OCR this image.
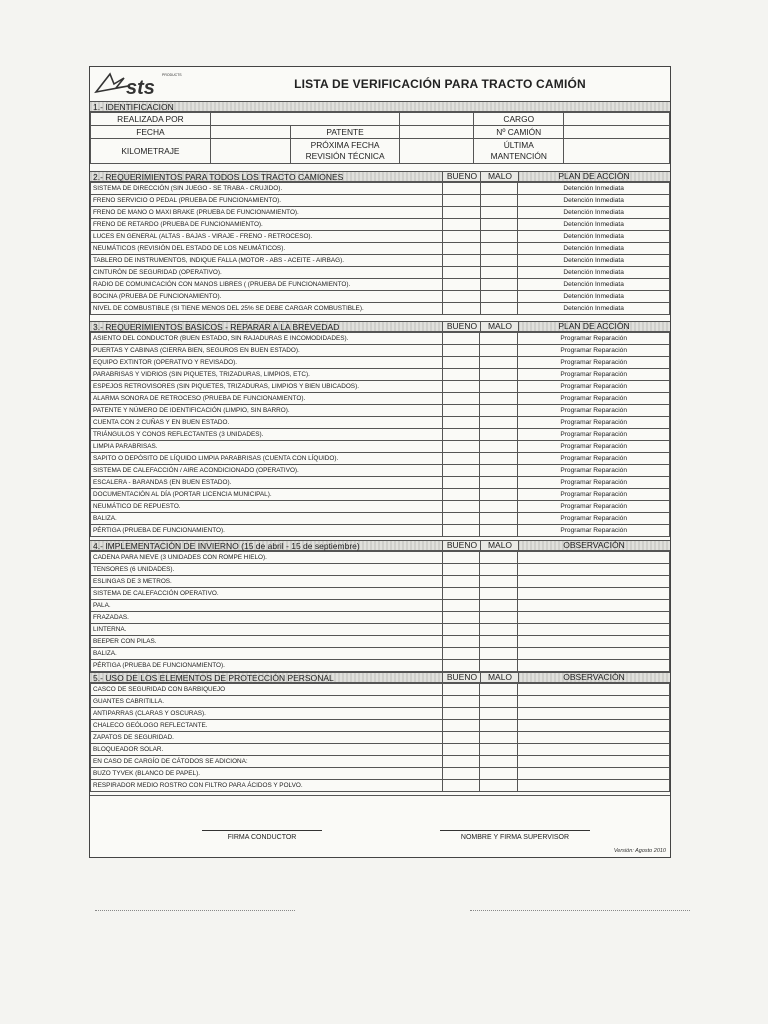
sts
PRODUCTS
LISTA DE VERIFICACIÓN PARA TRACTO CAMIÓN
1.- IDENTIFICACION
REALIZADA POR				CARGO	
FECHA		PATENTE		Nº CAMIÓN	
KILOMETRAJE		PRÓXIMA FECHA REVISIÓN TÉCNICA		ÚLTIMA MANTENCIÓN	
2.- REQUERIMIENTOS PARA TODOS LOS TRACTO CAMIONES	BUENO	MALO	PLAN DE ACCIÓN
SISTEMA DE DIRECCIÓN (SIN JUEGO - SE TRABA - CRUJIDO).			Detención Inmediata
FRENO SERVICIO O PEDAL (PRUEBA DE FUNCIONAMIENTO).			Detención Inmediata
FRENO DE MANO O MAXI BRAKE (PRUEBA DE FUNCIONAMIENTO).			Detención Inmediata
FRENO DE RETARDO (PRUEBA DE FUNCIONAMIENTO).			Detención Inmediata
LUCES EN GENERAL (ALTAS - BAJAS - VIRAJE - FRENO - RETROCESO).			Detención Inmediata
NEUMÁTICOS (REVISIÓN DEL ESTADO DE LOS NEUMÁTICOS).			Detención Inmediata
TABLERO DE INSTRUMENTOS, INDIQUE FALLA (MOTOR - ABS - ACEITE - AIRBAG).			Detención Inmediata
CINTURÓN DE SEGURIDAD (OPERATIVO).			Detención Inmediata
RADIO DE COMUNICACIÓN CON MANOS LIBRES ( (PRUEBA DE FUNCIONAMIENTO).			Detención Inmediata
BOCINA (PRUEBA DE FUNCIONAMIENTO).			Detención Inmediata
NIVEL DE COMBUSTIBLE (SI TIENE MENOS DEL 25% SE DEBE CARGAR COMBUSTIBLE).			Detención Inmediata
3.- REQUERIMIENTOS BASICOS - REPARAR A LA BREVEDAD	BUENO	MALO	PLAN DE ACCIÓN
ASIENTO DEL CONDUCTOR (BUEN ESTADO, SIN RAJADURAS E INCOMODIDADES).			Programar Reparación
PUERTAS Y CABINAS (CIERRA BIEN, SEGUROS EN BUEN ESTADO).			Programar Reparación
EQUIPO EXTINTOR (OPERATIVO Y REVISADO).			Programar Reparación
PARABRISAS Y VIDRIOS (SIN PIQUETES, TRIZADURAS, LIMPIOS, ETC).			Programar Reparación
ESPEJOS RETROVISORES (SIN PIQUETES, TRIZADURAS, LIMPIOS Y BIEN UBICADOS).			Programar Reparación
ALARMA SONORA DE RETROCESO (PRUEBA DE FUNCIONAMIENTO).			Programar Reparación
PATENTE Y NÚMERO DE IDENTIFICACIÓN (LIMPIO, SIN BARRO).			Programar Reparación
CUENTA CON 2 CUÑAS Y EN BUEN ESTADO.			Programar Reparación
TRIÁNGULOS Y CONOS REFLECTANTES (3 UNIDADES).			Programar Reparación
LIMPIA PARABRISAS.			Programar Reparación
SAPITO O DEPÓSITO DE LÍQUIDO LIMPIA PARABRISAS (CUENTA CON LÍQUIDO).			Programar Reparación
SISTEMA DE CALEFACCIÓN / AIRE ACONDICIONADO (OPERATIVO).			Programar Reparación
ESCALERA - BARANDAS (EN BUEN ESTADO).			Programar Reparación
DOCUMENTACIÓN AL DÍA (PORTAR LICENCIA MUNICIPAL).			Programar Reparación
NEUMÁTICO DE REPUESTO.			Programar Reparación
BALIZA.			Programar Reparación
PÉRTIGA (PRUEBA DE FUNCIONAMIENTO).			Programar Reparación
4.- IMPLEMENTACIÓN DE INVIERNO (15 de abril - 15 de septiembre)	BUENO	MALO	OBSERVACIÓN
CADENA PARA NIEVE (3 UNIDADES CON ROMPE HIELO).			
TENSORES (6 UNIDADES).			
ESLINGAS DE 3 METROS.			
SISTEMA DE CALEFACCIÓN OPERATIVO.			
PALA.			
FRAZADAS.			
LINTERNA.			
BEEPER CON PILAS.			
BALIZA.			
PÉRTIGA (PRUEBA DE FUNCIONAMIENTO).			
5.- USO DE LOS ELEMENTOS DE PROTECCIÓN PERSONAL	BUENO	MALO	OBSERVACIÓN
CASCO DE SEGURIDAD CON BARBIQUEJO			
GUANTES CABRITILLA.			
ANTIPARRAS (CLARAS Y OSCURAS).			
CHALECO GEÓLOGO REFLECTANTE.			
ZAPATOS DE SEGURIDAD.			
BLOQUEADOR SOLAR.			
EN CASO DE CARGÍO DE CÁTODOS SE ADICIONA:			
BUZO TYVEK (BLANCO DE PAPEL).			
RESPIRADOR MEDIO ROSTRO CON FILTRO PARA ÁCIDOS Y POLVO.			
FIRMA CONDUCTOR	NOMBRE Y FIRMA SUPERVISOR
Versión: Agosto 2010
